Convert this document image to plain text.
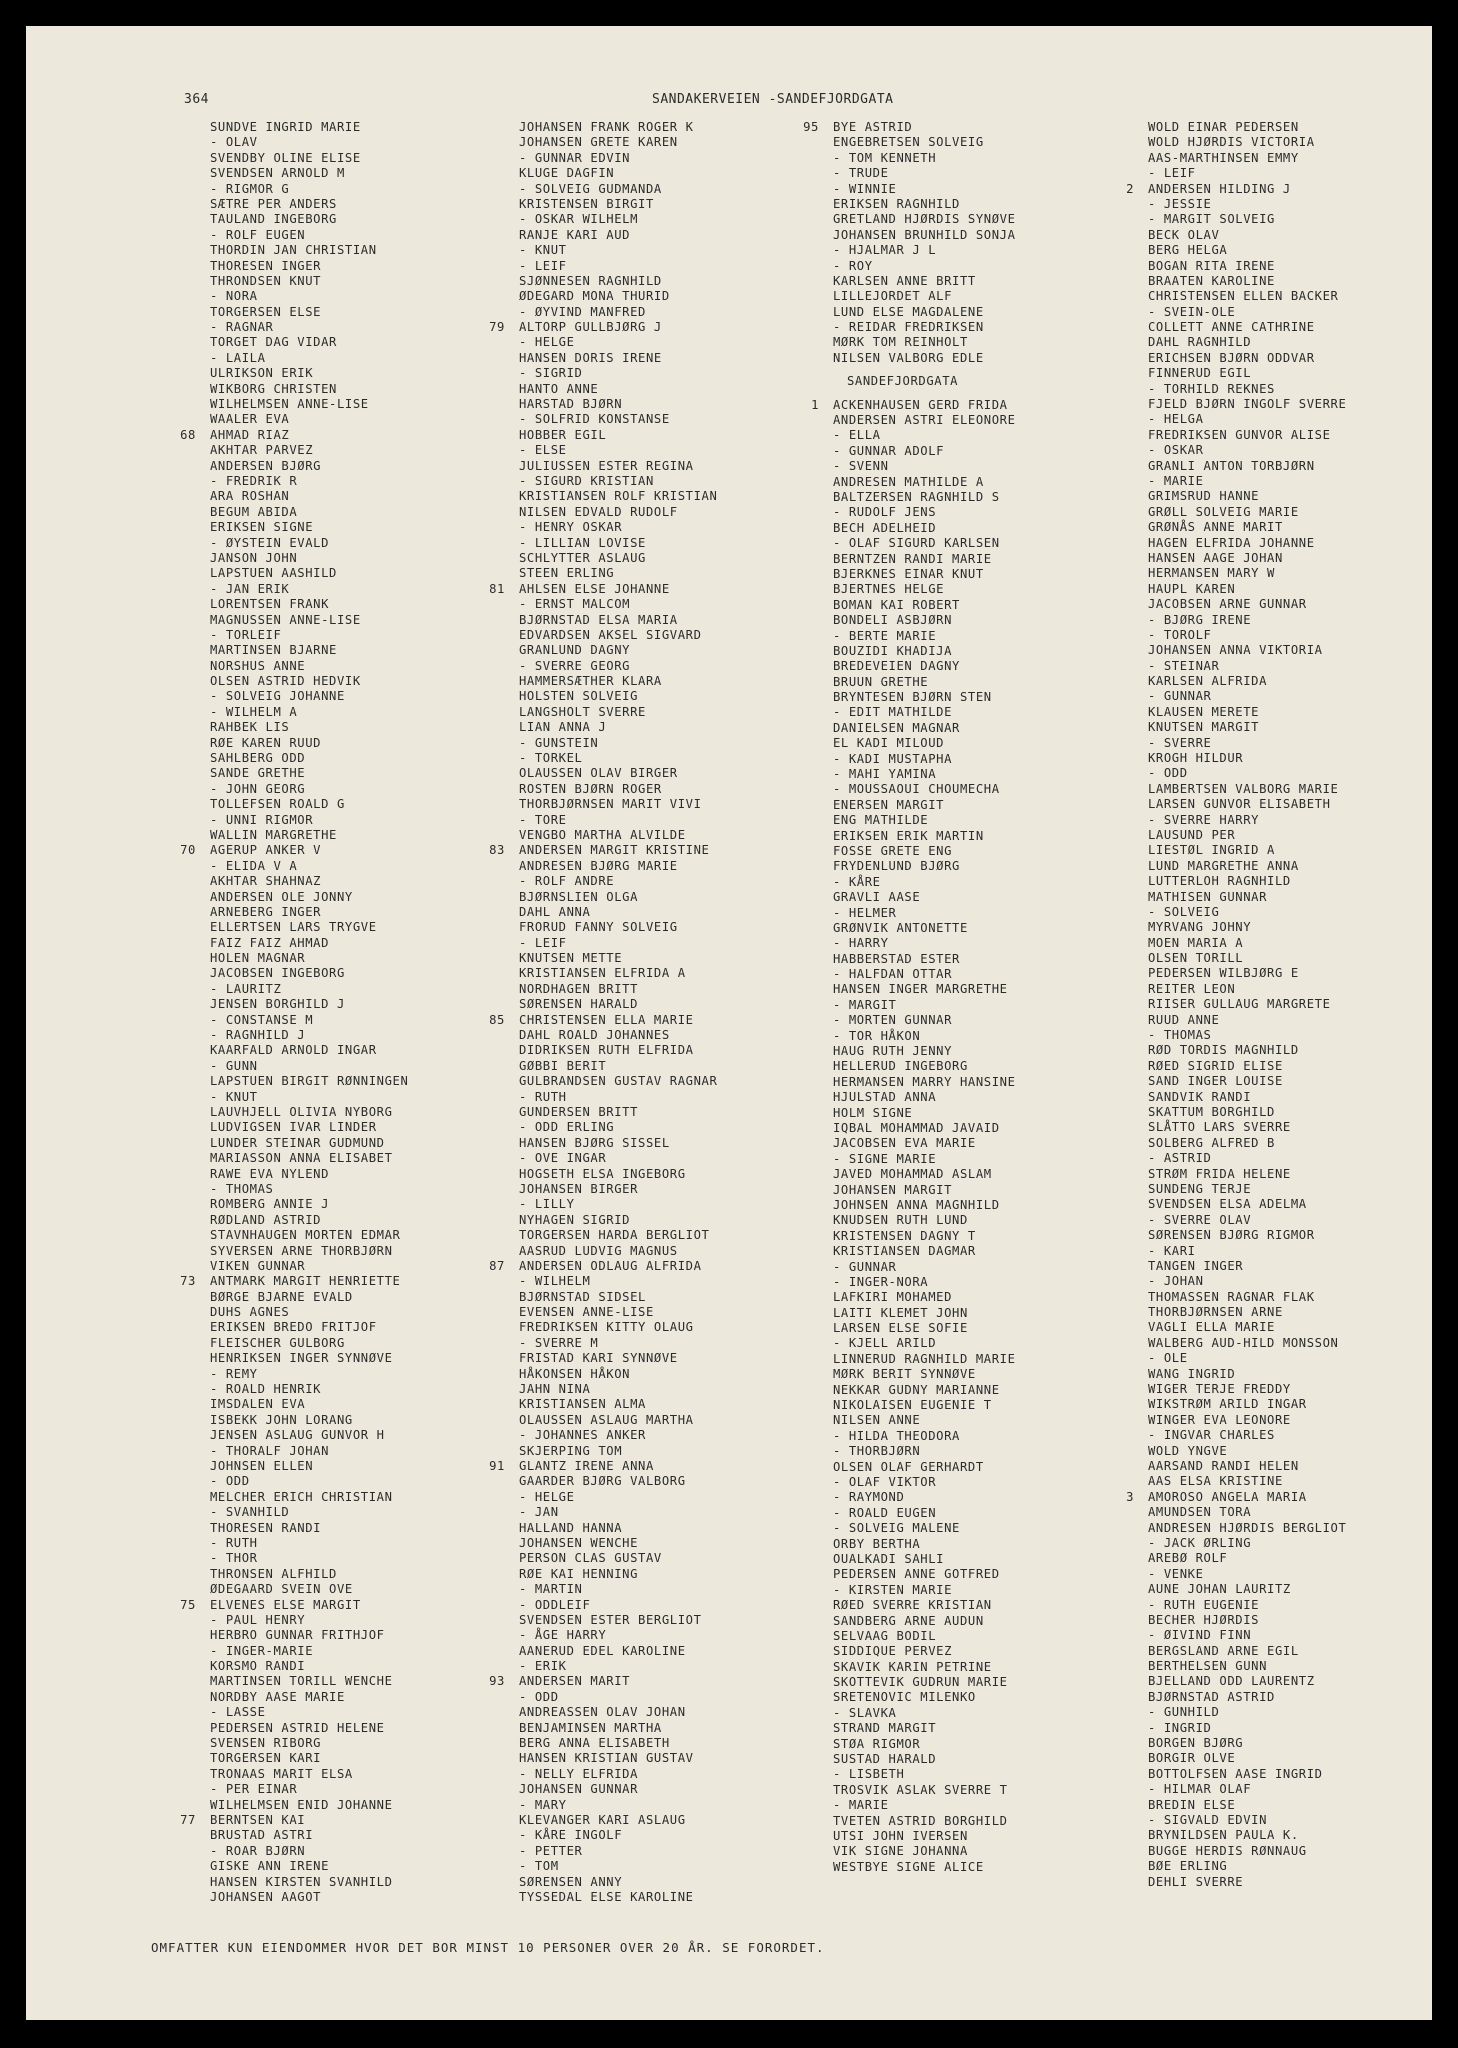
364	SANDAKERVEIEN -SANDEFJORDGATA
SUNDVE INGRID MARIE
- OLAV
SVENDBY OLINE ELISE
SVENDSEN ARNOLD M
- RIGMOR G
SÆTRE PER ANDERS
TAULAND INGEBORG
- ROLF EUGEN
THORDIN JAN CHRISTIAN
THORESEN INGER
THRONDSEN KNUT
- NORA
TORGERSEN ELSE
- RAGNAR
TORGET DAG VIDAR
- LAILA
ULRIKSON ERIK
WIKBORG CHRISTEN
WILHELMSEN ANNE-LISE
WAALER EVA
68 AHMAD RIAZ
AKHTAR PARVEZ
ANDERSEN BJØRG
- FREDRIK R
ARA ROSHAN
BEGUM ABIDA
ERIKSEN SIGNE
- ØYSTEIN EVALD
JANSON JOHN
LAPSTUEN AASHILD
- JAN ERIK
LORENTSEN FRANK
MAGNUSSEN ANNE-LISE
- TORLEIF
MARTINSEN BJARNE
NORSHUS ANNE
OLSEN ASTRID HEDVIK
- SOLVEIG JOHANNE
- WILHELM A
RAHBEK LIS
RØE KAREN RUUD
SAHLBERG ODD
SANDE GRETHE
- JOHN GEORG
TOLLEFSEN ROALD G
- UNNI RIGMOR
WALLIN MARGRETHE
70 AGERUP ANKER V
- ELIDA V A
AKHTAR SHAHNAZ
ANDERSEN OLE JONNY
ARNEBERG INGER
ELLERTSEN LARS TRYGVE
FAIZ FAIZ AHMAD
HOLEN MAGNAR
JACOBSEN INGEBORG
- LAURITZ
JENSEN BORGHILD J
- CONSTANSE M
- RAGNHILD J
KAARFALD ARNOLD INGAR
- GUNN
LAPSTUEN BIRGIT RØNNINGEN
- KNUT
LAUVHJELL OLIVIA NYBORG
LUDVIGSEN IVAR LINDER
LUNDER STEINAR GUDMUND
MARIASSON ANNA ELISABET
RAWE EVA NYLEND
- THOMAS
ROMBERG ANNIE J
RØDLAND ASTRID
STAVNHAUGEN MORTEN EDMAR
SYVERSEN ARNE THORBJØRN
VIKEN GUNNAR
73 ANTMARK MARGIT HENRIETTE
BØRGE BJARNE EVALD
DUHS AGNES
ERIKSEN BREDO FRITJOF
FLEISCHER GULBORG
HENRIKSEN INGER SYNNØVE
- REMY
- ROALD HENRIK
IMSDALEN EVA
ISBEKK JOHN LORANG
JENSEN ASLAUG GUNVOR H
- THORALF JOHAN
JOHNSEN ELLEN
- ODD
MELCHER ERICH CHRISTIAN
- SVANHILD
THORESEN RANDI
- RUTH
- THOR
THRONSEN ALFHILD
ØDEGAARD SVEIN OVE
75 ELVENES ELSE MARGIT
- PAUL HENRY
HERBRO GUNNAR FRITHJOF
- INGER-MARIE
KORSMO RANDI
MARTINSEN TORILL WENCHE
NORDBY AASE MARIE
- LASSE
PEDERSEN ASTRID HELENE
SVENSEN RIBORG
TORGERSEN KARI
TRONAAS MARIT ELSA
- PER EINAR
WILHELMSEN ENID JOHANNE
77 BERNTSEN KAI
BRUSTAD ASTRI
- ROAR BJØRN
GISKE ANN IRENE
HANSEN KIRSTEN SVANHILD
JOHANSEN AAGOT
JOHANSEN FRANK ROGER K
JOHANSEN GRETE KAREN
- GUNNAR EDVIN
KLUGE DAGFIN
- SOLVEIG GUDMANDA
KRISTENSEN BIRGIT
- OSKAR WILHELM
RANJE KARI AUD
- KNUT
- LEIF
SJØNNESEN RAGNHILD
ØDEGARD MONA THURID
- ØYVIND MANFRED
79 ALTORP GULLBJØRG J
- HELGE
HANSEN DORIS IRENE
- SIGRID
HANTO ANNE
HARSTAD BJØRN
- SOLFRID KONSTANSE
HOBBER EGIL
- ELSE
JULIUSSEN ESTER REGINA
- SIGURD KRISTIAN
KRISTIANSEN ROLF KRISTIAN
NILSEN EDVALD RUDOLF
- HENRY OSKAR
- LILLIAN LOVISE
SCHLYTTER ASLAUG
STEEN ERLING
81 AHLSEN ELSE JOHANNE
- ERNST MALCOM
BJØRNSTAD ELSA MARIA
EDVARDSEN AKSEL SIGVARD
GRANLUND DAGNY
- SVERRE GEORG
HAMMERSÆTHER KLARA
HOLSTEN SOLVEIG
LANGSHOLT SVERRE
LIAN ANNA J
- GUNSTEIN
- TORKEL
OLAUSSEN OLAV BIRGER
ROSTEN BJØRN ROGER
THORBJØRNSEN MARIT VIVI
- TORE
VENGBO MARTHA ALVILDE
83 ANDERSEN MARGIT KRISTINE
ANDRESEN BJØRG MARIE
- ROLF ANDRE
BJØRNSLIEN OLGA
DAHL ANNA
FRORUD FANNY SOLVEIG
- LEIF
KNUTSEN METTE
KRISTIANSEN ELFRIDA A
NORDHAGEN BRITT
SØRENSEN HARALD
85 CHRISTENSEN ELLA MARIE
DAHL ROALD JOHANNES
DIDRIKSEN RUTH ELFRIDA
GØBBI BERIT
GULBRANDSEN GUSTAV RAGNAR
- RUTH
GUNDERSEN BRITT
- ODD ERLING
HANSEN BJØRG SISSEL
- OVE INGAR
HOGSETH ELSA INGEBORG
JOHANSEN BIRGER
- LILLY
NYHAGEN SIGRID
TORGERSEN HARDA BERGLIOT
AASRUD LUDVIG MAGNUS
87 ANDERSEN ODLAUG ALFRIDA
- WILHELM
BJØRNSTAD SIDSEL
EVENSEN ANNE-LISE
FREDRIKSEN KITTY OLAUG
- SVERRE M
FRISTAD KARI SYNNØVE
HÅKONSEN HÅKON
JAHN NINA
KRISTIANSEN ALMA
OLAUSSEN ASLAUG MARTHA
- JOHANNES ANKER
SKJERPING TOM
91 GLANTZ IRENE ANNA
GAARDER BJØRG VALBORG
- HELGE
- JAN
HALLAND HANNA
JOHANSEN WENCHE
PERSON CLAS GUSTAV
RØE KAI HENNING
- MARTIN
- ODDLEIF
SVENDSEN ESTER BERGLIOT
- ÅGE HARRY
AANERUD EDEL KAROLINE
- ERIK
93 ANDERSEN MARIT
- ODD
ANDREASSEN OLAV JOHAN
BENJAMINSEN MARTHA
BERG ANNA ELISABETH
HANSEN KRISTIAN GUSTAV
- NELLY ELFRIDA
JOHANSEN GUNNAR
- MARY
KLEVANGER KARI ASLAUG
- KÅRE INGOLF
- PETTER
- TOM
SØRENSEN ANNY
TYSSEDAL ELSE KAROLINE
95 BYE ASTRID
ENGEBRETSEN SOLVEIG
- TOM KENNETH
- TRUDE
- WINNIE
ERIKSEN RAGNHILD
GRETLAND HJØRDIS SYNØVE
JOHANSEN BRUNHILD SONJA
- HJALMAR J L
- ROY
KARLSEN ANNE BRITT
LILLEJORDET ALF
LUND ELSE MAGDALENE
- REIDAR FREDRIKSEN
MØRK TOM REINHOLT
NILSEN VALBORG EDLE
SANDEFJORDGATA
1 ACKENHAUSEN GERD FRIDA
ANDERSEN ASTRI ELEONORE
- ELLA
- GUNNAR ADOLF
- SVENN
ANDRESEN MATHILDE A
BALTZERSEN RAGNHILD S
- RUDOLF JENS
BECH ADELHEID
- OLAF SIGURD KARLSEN
BERNTZEN RANDI MARIE
BJERKNES EINAR KNUT
BJERTNES HELGE
BOMAN KAI ROBERT
BONDELI ASBJØRN
- BERTE MARIE
BOUZIDI KHADIJA
BREDEVEIEN DAGNY
BRUUN GRETHE
BRYNTESEN BJØRN STEN
- EDIT MATHILDE
DANIELSEN MAGNAR
EL KADI MILOUD
- KADI MUSTAPHA
- MAHI YAMINA
- MOUSSAOUI CHOUMECHA
ENERSEN MARGIT
ENG MATHILDE
ERIKSEN ERIK MARTIN
FOSSE GRETE ENG
FRYDENLUND BJØRG
- KÅRE
GRAVLI AASE
- HELMER
GRØNVIK ANTONETTE
- HARRY
HABBERSTAD ESTER
- HALFDAN OTTAR
HANSEN INGER MARGRETHE
- MARGIT
- MORTEN GUNNAR
- TOR HÅKON
HAUG RUTH JENNY
HELLERUD INGEBORG
HERMANSEN MARRY HANSINE
HJULSTAD ANNA
HOLM SIGNE
IQBAL MOHAMMAD JAVAID
JACOBSEN EVA MARIE
- SIGNE MARIE
JAVED MOHAMMAD ASLAM
JOHANSEN MARGIT
JOHNSEN ANNA MAGNHILD
KNUDSEN RUTH LUND
KRISTENSEN DAGNY T
KRISTIANSEN DAGMAR
- GUNNAR
- INGER-NORA
LAFKIRI MOHAMED
LAITI KLEMET JOHN
LARSEN ELSE SOFIE
- KJELL ARILD
LINNERUD RAGNHILD MARIE
MØRK BERIT SYNNØVE
NEKKAR GUDNY MARIANNE
NIKOLAISEN EUGENIE T
NILSEN ANNE
- HILDA THEODORA
- THORBJØRN
OLSEN OLAF GERHARDT
- OLAF VIKTOR
- RAYMOND
- ROALD EUGEN
- SOLVEIG MALENE
ORBY BERTHA
OUALKADI SAHLI
PEDERSEN ANNE GOTFRED
- KIRSTEN MARIE
RØED SVERRE KRISTIAN
SANDBERG ARNE AUDUN
SELVAAG BODIL
SIDDIQUE PERVEZ
SKAVIK KARIN PETRINE
SKOTTEVIK GUDRUN MARIE
SRETENOVIC MILENKO
- SLAVKA
STRAND MARGIT
STØA RIGMOR
SUSTAD HARALD
- LISBETH
TROSVIK ASLAK SVERRE T
- MARIE
TVETEN ASTRID BORGHILD
UTSI JOHN IVERSEN
VIK SIGNE JOHANNA
WESTBYE SIGNE ALICE
WOLD EINAR PEDERSEN
WOLD HJØRDIS VICTORIA
AAS-MARTHINSEN EMMY
- LEIF
2 ANDERSEN HILDING J
- JESSIE
- MARGIT SOLVEIG
BECK OLAV
BERG HELGA
BOGAN RITA IRENE
BRAATEN KAROLINE
CHRISTENSEN ELLEN BACKER
- SVEIN-OLE
COLLETT ANNE CATHRINE
DAHL RAGNHILD
ERICHSEN BJØRN ODDVAR
FINNERUD EGIL
- TORHILD REKNES
FJELD BJØRN INGOLF SVERRE
- HELGA
FREDRIKSEN GUNVOR ALISE
- OSKAR
GRANLI ANTON TORBJØRN
- MARIE
GRIMSRUD HANNE
GRØLL SOLVEIG MARIE
GRØNÅS ANNE MARIT
HAGEN ELFRIDA JOHANNE
HANSEN AAGE JOHAN
HERMANSEN MARY W
HAUPL KAREN
JACOBSEN ARNE GUNNAR
- BJØRG IRENE
- TOROLF
JOHANSEN ANNA VIKTORIA
- STEINAR
KARLSEN ALFRIDA
- GUNNAR
KLAUSEN MERETE
KNUTSEN MARGIT
- SVERRE
KROGH HILDUR
- ODD
LAMBERTSEN VALBORG MARIE
LARSEN GUNVOR ELISABETH
- SVERRE HARRY
LAUSUND PER
LIESTØL INGRID A
LUND MARGRETHE ANNA
LUTTERLOH RAGNHILD
MATHISEN GUNNAR
- SOLVEIG
MYRVANG JOHNY
MOEN MARIA A
OLSEN TORILL
PEDERSEN WILBJØRG E
REITER LEON
RIISER GULLAUG MARGRETE
RUUD ANNE
- THOMAS
RØD TORDIS MAGNHILD
RØED SIGRID ELISE
SAND INGER LOUISE
SANDVIK RANDI
SKATTUM BORGHILD
SLÅTTO LARS SVERRE
SOLBERG ALFRED B
- ASTRID
STRØM FRIDA HELENE
SUNDENG TERJE
SVENDSEN ELSA ADELMA
- SVERRE OLAV
SØRENSEN BJØRG RIGMOR
- KARI
TANGEN INGER
- JOHAN
THOMASSEN RAGNAR FLAK
THORBJØRNSEN ARNE
VAGLI ELLA MARIE
WALBERG AUD-HILD MONSSON
- OLE
WANG INGRID
WIGER TERJE FREDDY
WIKSTRØM ARILD INGAR
WINGER EVA LEONORE
- INGVAR CHARLES
WOLD YNGVE
AARSAND RANDI HELEN
AAS ELSA KRISTINE
3 AMOROSO ANGELA MARIA
AMUNDSEN TORA
ANDRESEN HJØRDIS BERGLIOT
- JACK ØRLING
AREBØ ROLF
- VENKE
AUNE JOHAN LAURITZ
- RUTH EUGENIE
BECHER HJØRDIS
- ØIVIND FINN
BERGSLAND ARNE EGIL
BERTHELSEN GUNN
BJELLAND ODD LAURENTZ
BJØRNSTAD ASTRID
- GUNHILD
- INGRID
BORGEN BJØRG
BORGIR OLVE
BOTTOLFSEN AASE INGRID
- HILMAR OLAF
BREDIN ELSE
- SIGVALD EDVIN
BRYNILDSEN PAULA K.
BUGGE HERDIS RØNNAUG
BØE ERLING
DEHLI SVERRE
OMFATTER KUN EIENDOMMER HVOR DET BOR MINST 10 PERSONER OVER 20 ÅR. SE FORORDET.
